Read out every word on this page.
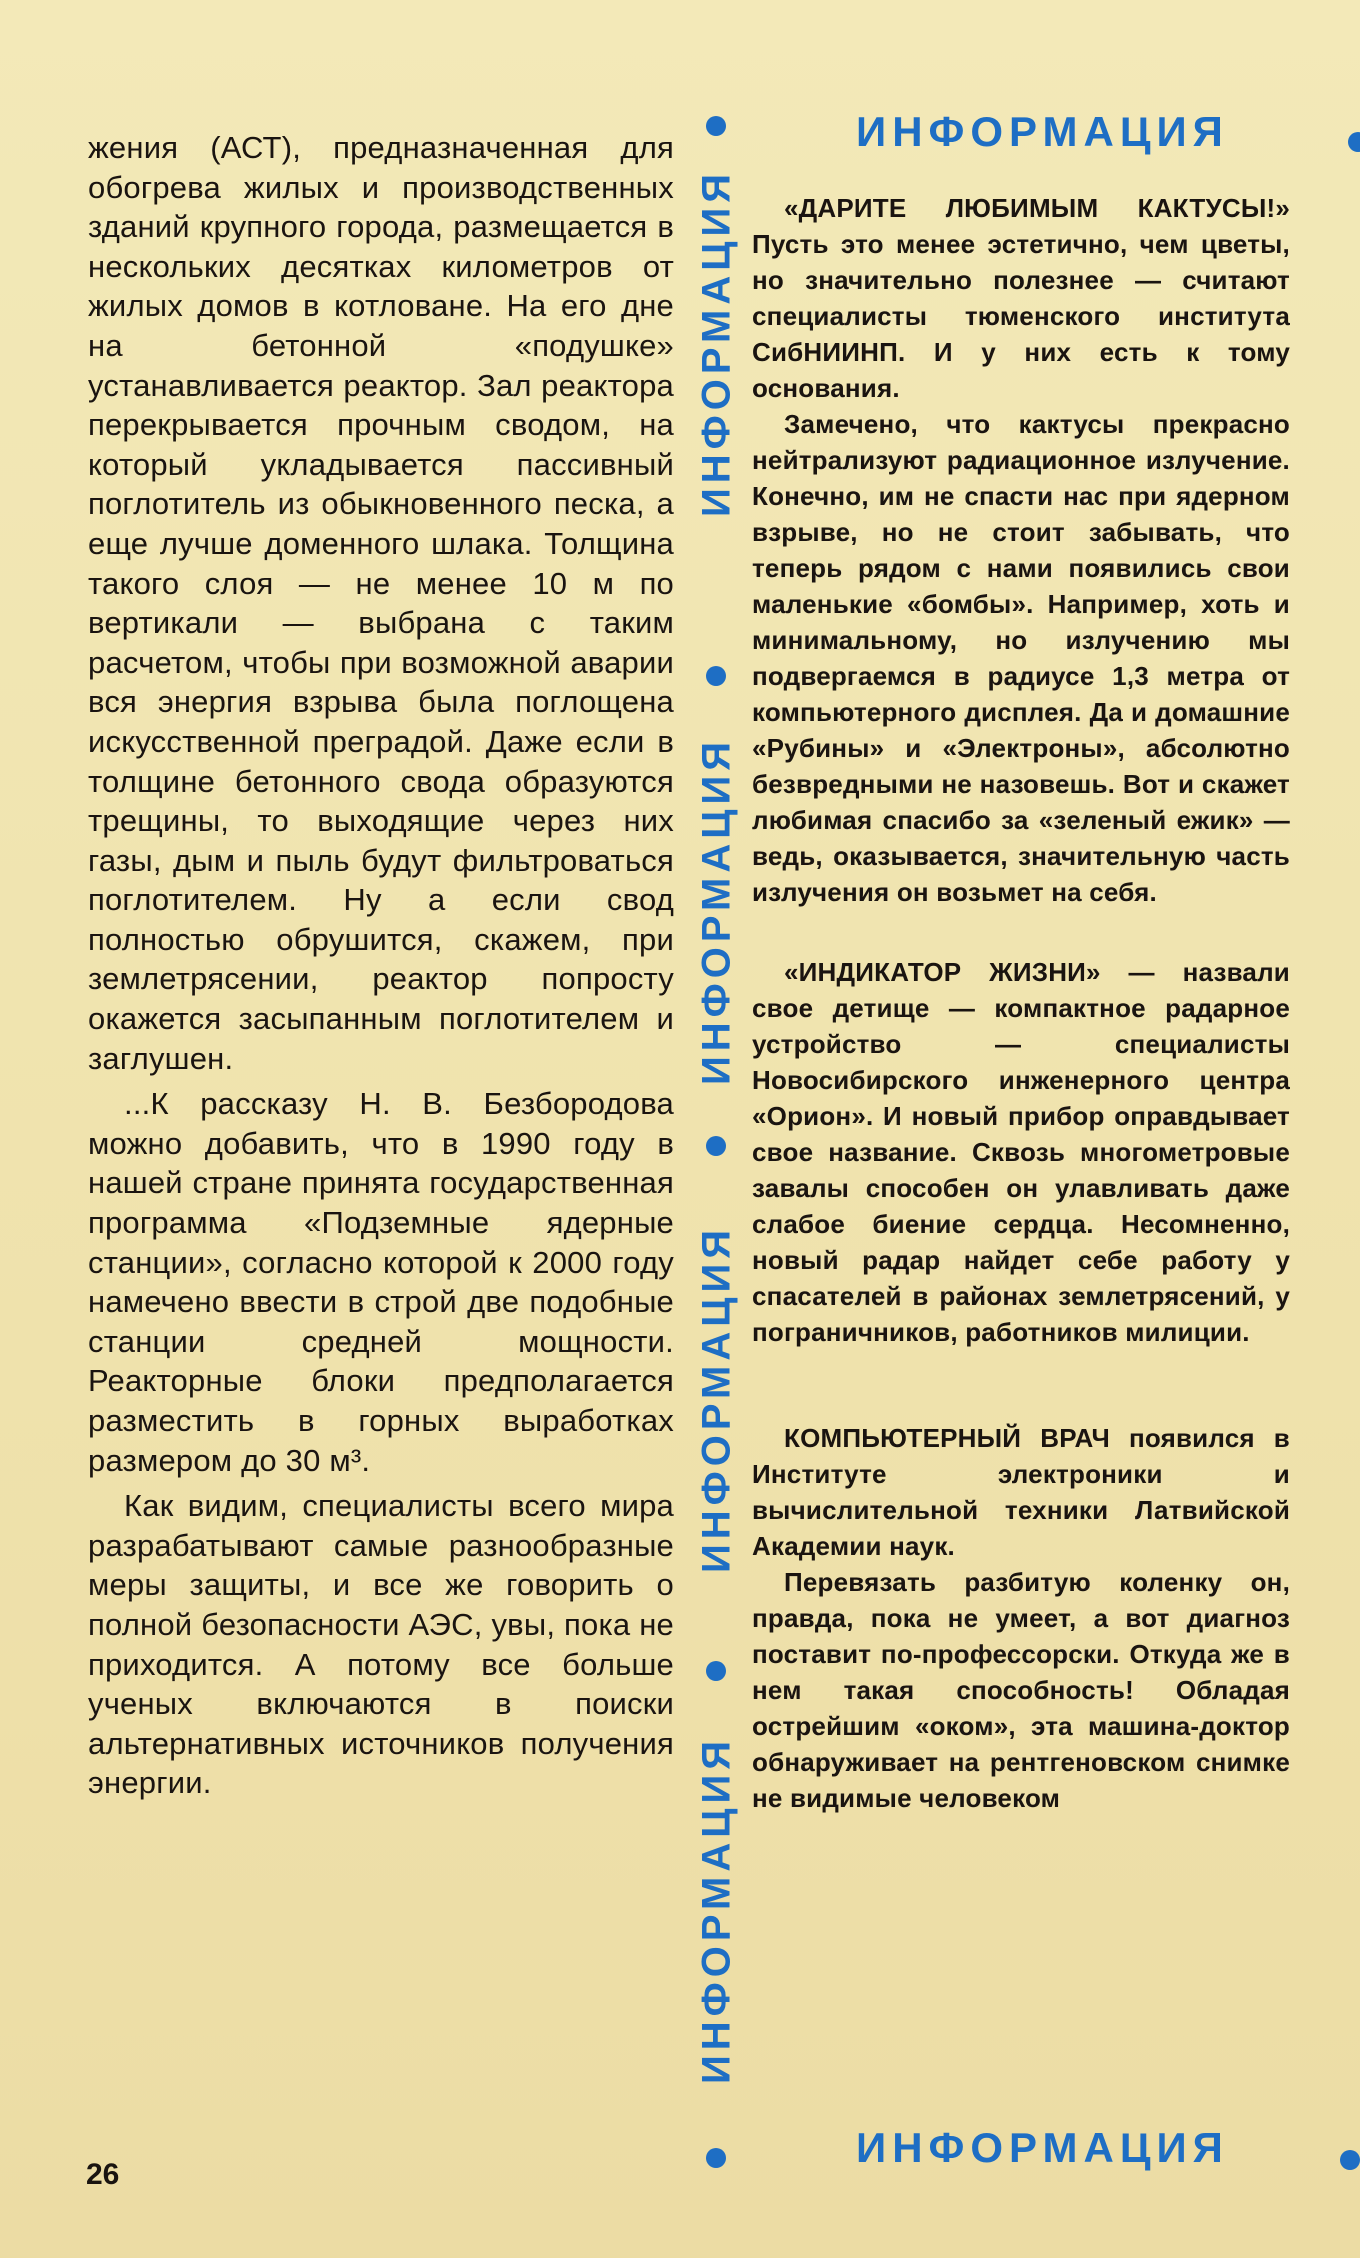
жения (АСТ), предназначенная для обогрева жилых и производственных зданий крупного города, размещается в нескольких десятках километров от жилых домов в котловане. На его дне на бетонной «подушке» устанавливается реактор. Зал реактора перекрывается прочным сводом, на который укладывается пассивный поглотитель из обыкновенного песка, а еще лучше доменного шлака. Толщина такого слоя — не менее 10 м по вертикали — выбрана с таким расчетом, чтобы при возможной аварии вся энергия взрыва была поглощена искусственной преградой. Даже если в толщине бетонного свода образуются трещины, то выходящие через них газы, дым и пыль будут фильтроваться поглотителем. Ну а если свод полностью обрушится, скажем, при землетрясении, реактор попросту окажется засыпанным поглотителем и заглушен.

...К рассказу Н. В. Безбородова можно добавить, что в 1990 году в нашей стране принята государственная программа «Подземные ядерные станции», согласно которой к 2000 году намечено ввести в строй две подобные станции средней мощности. Реакторные блоки предполагается разместить в горных выработках размером до 30 м³.

Как видим, специалисты всего мира разрабатывают самые разнообразные меры защиты, и все же говорить о полной безопасности АЭС, увы, пока не приходится. А потому все больше ученых включаются в поиски альтернативных источников получения энергии.

ИНФОРМАЦИЯ
ИНФОРМАЦИЯ
ИНФОРМАЦИЯ
ИНФОРМАЦИЯ
ИНФОРМАЦИЯ
ИНФОРМАЦИЯ

«ДАРИТЕ ЛЮБИМЫМ КАКТУСЫ!» Пусть это менее эстетично, чем цветы, но значительно полезнее — считают специалисты тюменского института СибНИИНП. И у них есть к тому основания.

Замечено, что кактусы прекрасно нейтрализуют радиационное излучение. Конечно, им не спасти нас при ядерном взрыве, но не стоит забывать, что теперь рядом с нами появились свои маленькие «бомбы». Например, хоть и минимальному, но излучению мы подвергаемся в радиусе 1,3 метра от компьютерного дисплея. Да и домашние «Рубины» и «Электроны», абсолютно безвредными не назовешь. Вот и скажет любимая спасибо за «зеленый ежик» — ведь, оказывается, значительную часть излучения он возьмет на себя.

«ИНДИКАТОР ЖИЗНИ» — назвали свое детище — компактное радарное устройство — специалисты Новосибирского инженерного центра «Орион». И новый прибор оправдывает свое название. Сквозь многометровые завалы способен он улавливать даже слабое биение сердца. Несомненно, новый радар найдет себе работу у спасателей в районах землетрясений, у пограничников, работников милиции.

КОМПЬЮТЕРНЫЙ ВРАЧ появился в Институте электроники и вычислительной техники Латвийской Академии наук.

Перевязать разбитую коленку он, правда, пока не умеет, а вот диагноз поставит по-профессорски. Откуда же в нем такая способность! Обладая острейшим «оком», эта машина-доктор обнаруживает на рентгеновском снимке не видимые человеком

26
